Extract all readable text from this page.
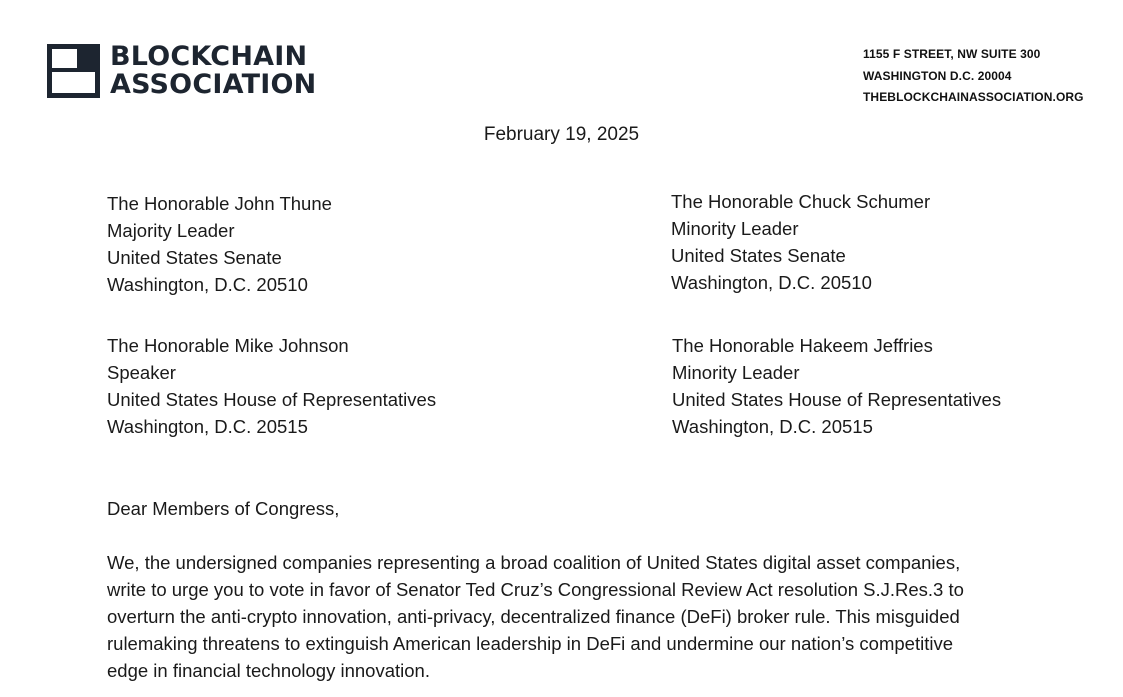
BLOCKCHAIN
ASSOCIATION
1155 F STREET, NW SUITE 300
WASHINGTON D.C. 20004
THEBLOCKCHAINASSOCIATION.ORG
February 19, 2025
The Honorable John Thune
Majority Leader
United States Senate
Washington, D.C. 20510
The Honorable Chuck Schumer
Minority Leader
United States Senate
Washington, D.C. 20510
The Honorable Mike Johnson
Speaker
United States House of Representatives
Washington, D.C. 20515
The Honorable Hakeem Jeffries
Minority Leader
United States House of Representatives
Washington, D.C. 20515
Dear Members of Congress,
We, the undersigned companies representing a broad coalition of United States digital asset companies,
write to urge you to vote in favor of Senator Ted Cruz’s Congressional Review Act resolution S.J.Res.3 to
overturn the anti-crypto innovation, anti-privacy, decentralized finance (DeFi) broker rule. This misguided
rulemaking threatens to extinguish American leadership in DeFi and undermine our nation’s competitive
edge in financial technology innovation.
